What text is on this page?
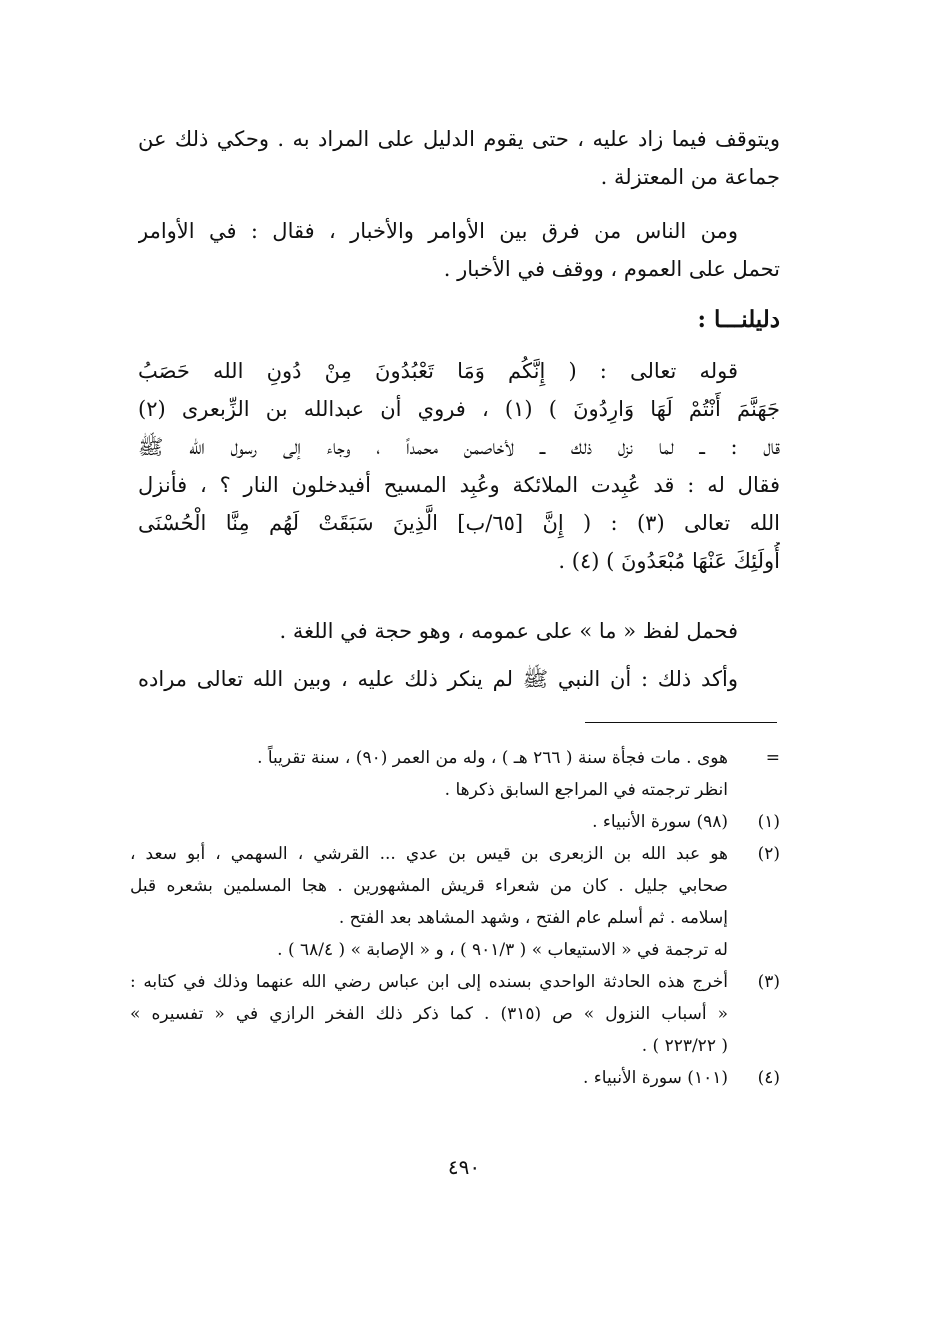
ويتوقف فيما زاد عليه ، حتى يقوم الدليل على المراد به . وحكي ذلك عن
جماعة من المعتزلة .
ومن الناس من فرق بين الأوامر والأخبار ، فقال : في الأوامر
تحمل على العموم ، ووقف في الأخبار .
دليلنـــا :
قوله تعالى : ( إِنَّكُم وَمَا تَعْبُدُونَ مِنْ دُونِ الله حَصَبُ
جَهَنَّمَ أَنْتُمْ لَهَا وَارِدُونَ ) (١) ، فروي أن عبدالله بن الزِّبعرى (٢)
قال : ــ لما نزل ذلك ــ لأخاصمن محمداً ، وجاء إلى رسول الله ﷺ
فقال له : قد عُبِدت الملائكة وعُبِد المسيح أفيدخلون النار ؟ ، فأنزل
الله تعالى (٣) : ( إِنَّ [٦٥/ب] الَّذِينَ سَبَقَتْ لَهُم مِنَّا الْحُسْنَى
أُولَئِكَ عَنْهَا مُبْعَدُونَ ) (٤) .
فحمل لفظ « ما » على عمومه ، وهو حجة في اللغة .
وأكد ذلك : أن النبي ﷺ لم ينكر ذلك عليه ، وبين الله تعالى مراده
=
هوى . مات فجأة سنة ( ٢٦٦ هـ ) ، وله من العمر (٩٠) ، سنة تقريباً .
انظر ترجمته في المراجع السابق ذكرها .
(١)
(٩٨) سورة الأنبياء .
(٢)
هو عبد الله بن الزبعرى بن قيس بن عدي ... القرشي ، السهمي ، أبو سعد ،
صحابي جليل . كان من شعراء قريش المشهورين . هجا المسلمين بشعره قبل
إسلامه . ثم أسلم عام الفتح ، وشهد المشاهد بعد الفتح .
له ترجمة في « الاستيعاب » ( ٩٠١/٣ ) ، و « الإصابة » ( ٦٨/٤ ) .
(٣)
أخرج هذه الحادثة الواحدي بسنده إلى ابن عباس رضي الله عنهما وذلك في كتابه :
« أسباب النزول » ص (٣١٥) . كما ذكر ذلك الفخر الرازي في « تفسيره »
( ٢٢٣/٢٢ ) .
(٤)
(١٠١) سورة الأنبياء .
٤٩٠
